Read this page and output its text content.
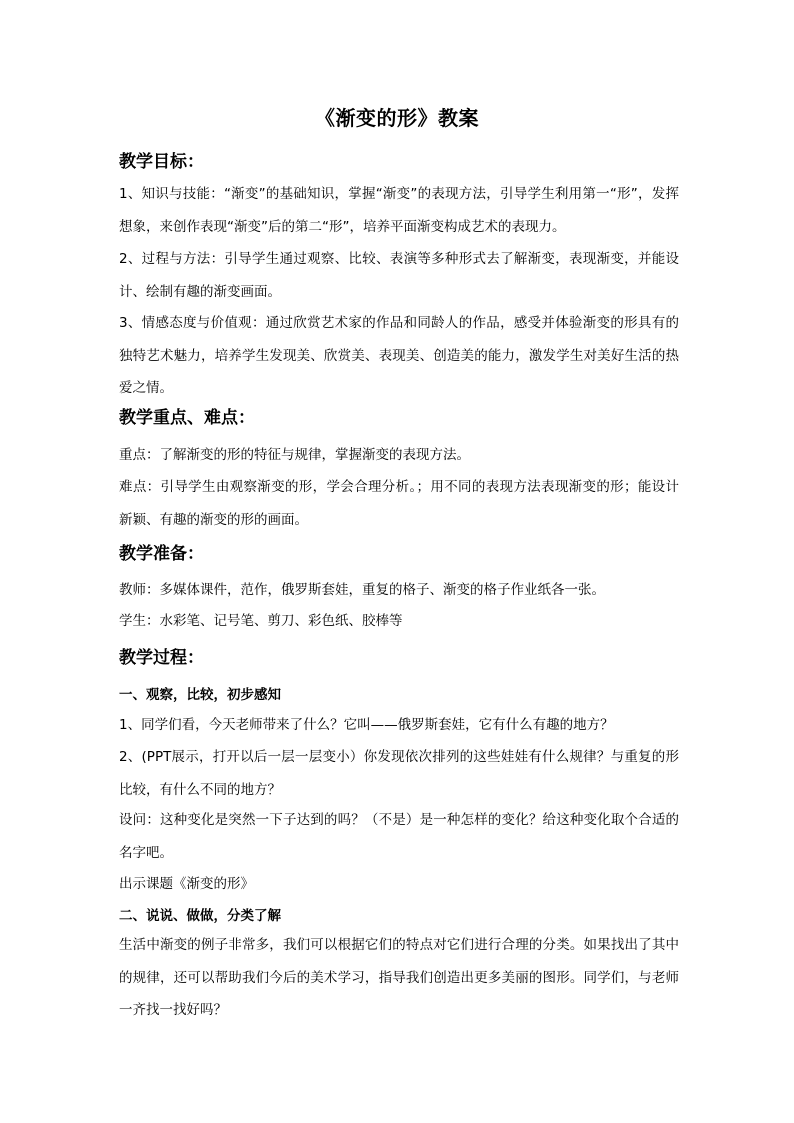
《渐变的形》教案
教学目标：
1、知识与技能：“渐变”的基础知识，掌握“渐变”的表现方法，引导学生利用第一“形”，发挥想象，来创作表现“渐变”后的第二“形”，培养平面渐变构成艺术的表现力。
2、过程与方法：引导学生通过观察、比较、表演等多种形式去了解渐变，表现渐变，并能设计、绘制有趣的渐变画面。
3、情感态度与价值观：通过欣赏艺术家的作品和同龄人的作品，感受并体验渐变的形具有的独特艺术魅力，培养学生发现美、欣赏美、表现美、创造美的能力，激发学生对美好生活的热爱之情。
教学重点、难点：
重点：了解渐变的形的特征与规律，掌握渐变的表现方法。
难点：引导学生由观察渐变的形，学会合理分析。；用不同的表现方法表现渐变的形；能设计新颖、有趣的渐变的形的画面。
教学准备：
教师：多媒体课件，范作，俄罗斯套娃，重复的格子、渐变的格子作业纸各一张。
学生：水彩笔、记号笔、剪刀、彩色纸、胶棒等
教学过程：
一、观察，比较，初步感知
1、同学们看，今天老师带来了什么？它叫——俄罗斯套娃，它有什么有趣的地方？
2、(PPT展示，打开以后一层一层变小）你发现依次排列的这些娃娃有什么规律？与重复的形比较，有什么不同的地方？
设问：这种变化是突然一下子达到的吗？（不是）是一种怎样的变化？给这种变化取个合适的名字吧。
出示课题《渐变的形》
二、说说、做做，分类了解
生活中渐变的例子非常多，我们可以根据它们的特点对它们进行合理的分类。如果找出了其中的规律，还可以帮助我们今后的美术学习，指导我们创造出更多美丽的图形。同学们，与老师一齐找一找好吗？
